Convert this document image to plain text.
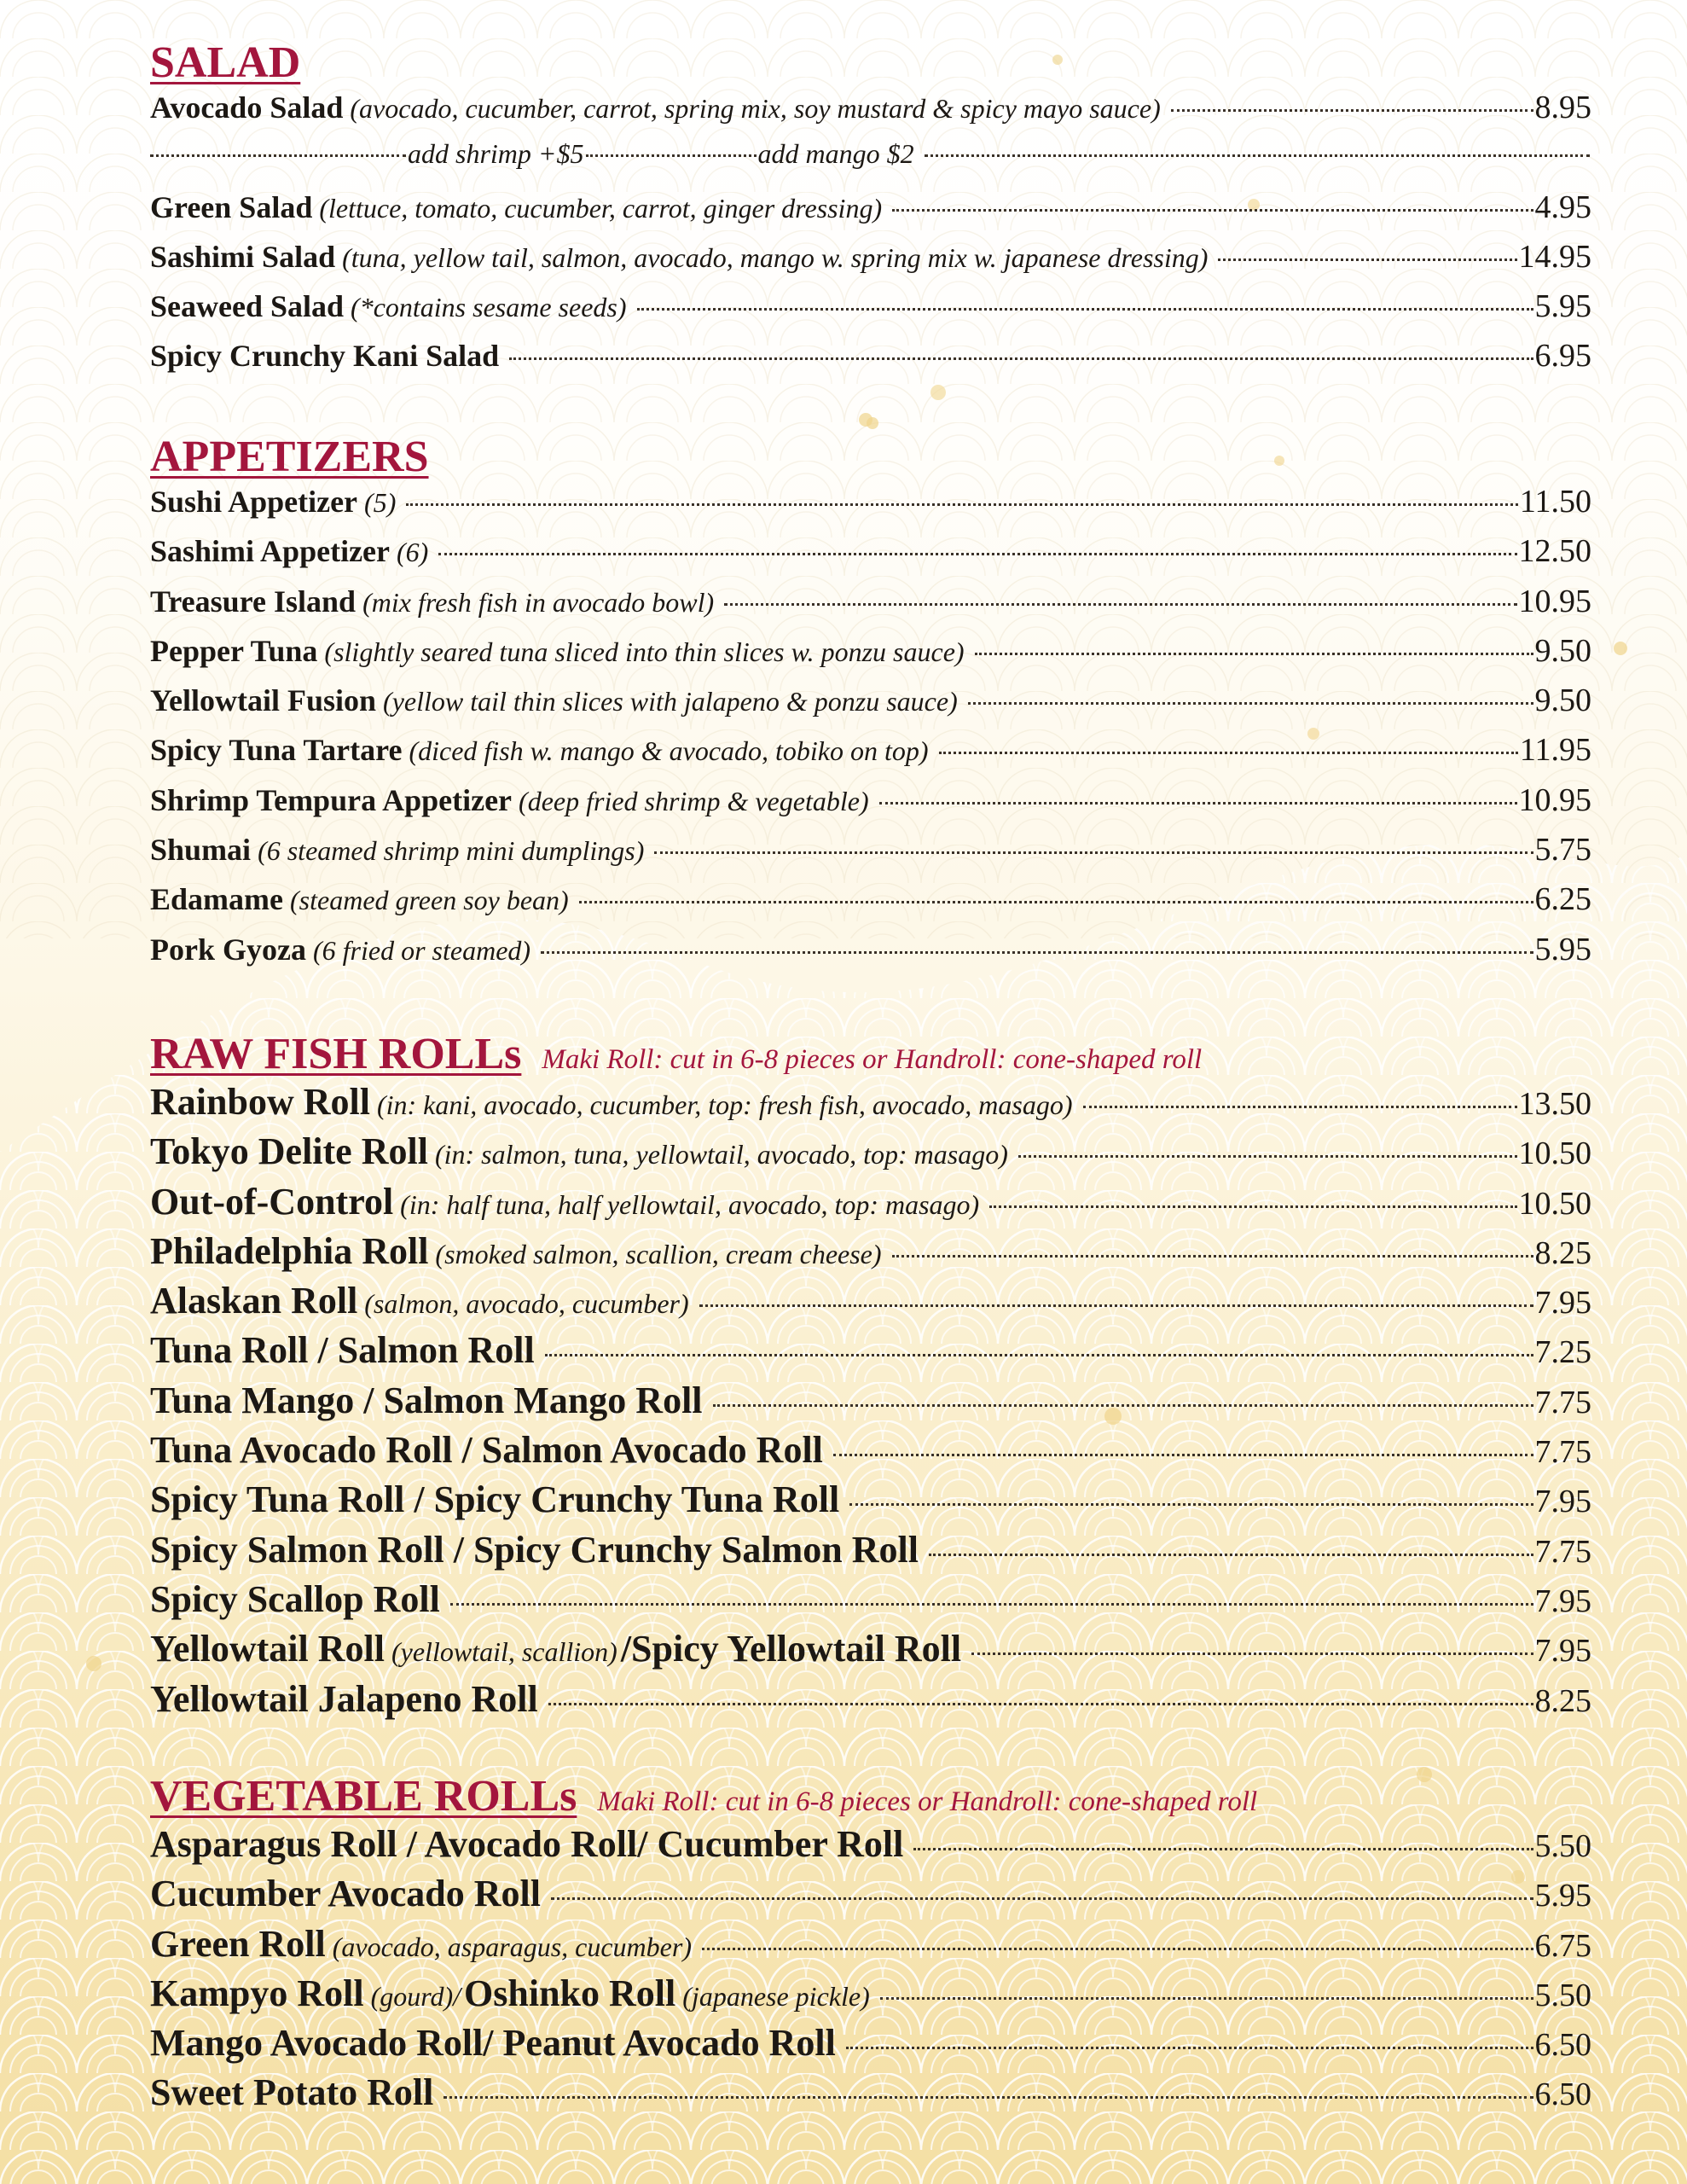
SALAD
Avocado Salad (avocado, cucumber, carrot, spring mix, soy mustard & spicy mayo sauce)	8.95
add shrimp +$5	add mango $2
Green Salad (lettuce, tomato, cucumber, carrot, ginger dressing)	4.95
Sashimi Salad (tuna, yellow tail, salmon, avocado, mango w. spring mix w. japanese dressing)	14.95
Seaweed Salad (*contains sesame seeds)	5.95
Spicy Crunchy Kani Salad	6.95
APPETIZERS
Sushi Appetizer (5)	11.50
Sashimi Appetizer (6)	12.50
Treasure Island (mix fresh fish in avocado bowl)	10.95
Pepper Tuna (slightly seared tuna sliced into thin slices w. ponzu sauce)	9.50
Yellowtail Fusion (yellow tail thin slices with jalapeno & ponzu sauce)	9.50
Spicy Tuna Tartare (diced fish w. mango & avocado, tobiko on top)	11.95
Shrimp Tempura Appetizer (deep fried shrimp & vegetable)	10.95
Shumai (6 steamed shrimp mini dumplings)	5.75
Edamame (steamed green soy bean)	6.25
Pork Gyoza (6 fried or steamed)	5.95
RAW FISH ROLLs Maki Roll: cut in 6-8 pieces or Handroll: cone-shaped roll
Rainbow Roll (in: kani, avocado, cucumber, top: fresh fish, avocado, masago)	13.50
Tokyo Delite Roll (in: salmon, tuna, yellowtail, avocado, top: masago)	10.50
Out-of-Control (in: half tuna, half yellowtail, avocado, top: masago)	10.50
Philadelphia Roll (smoked salmon, scallion, cream cheese)	8.25
Alaskan Roll (salmon, avocado, cucumber)	7.95
Tuna Roll / Salmon Roll	7.25
Tuna Mango / Salmon Mango Roll	7.75
Tuna Avocado Roll / Salmon Avocado Roll	7.75
Spicy Tuna Roll / Spicy Crunchy Tuna Roll	7.95
Spicy Salmon Roll / Spicy Crunchy Salmon Roll	7.75
Spicy Scallop Roll	7.95
Yellowtail Roll (yellowtail, scallion) /Spicy Yellowtail Roll	7.95
Yellowtail Jalapeno Roll	8.25
VEGETABLE ROLLs Maki Roll: cut in 6-8 pieces or Handroll: cone-shaped roll
Asparagus Roll / Avocado Roll/ Cucumber Roll	5.50
Cucumber Avocado Roll	5.95
Green Roll (avocado, asparagus, cucumber)	6.75
Kampyo Roll (gourd)/ Oshinko Roll (japanese pickle)	5.50
Mango Avocado Roll/ Peanut Avocado Roll	6.50
Sweet Potato Roll	6.50
